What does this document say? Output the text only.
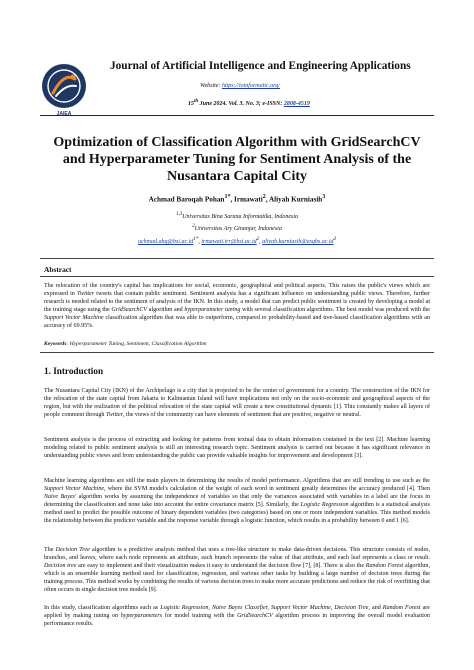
JAIEA
Journal of Artificial Intelligence and Engineering Applications
Website: https://ioinformatic.org/
15th June 2024. Vol. 3. No. 3; e-ISSN: 2808-4519
Optimization of Classification Algorithm with GridSearchCV
and Hyperparameter Tuning for Sentiment Analysis of the
Nusantara Capital City
Achmad Baroqah Pohan$^{1*}$, Irmawati$^2$, Aliyah Kurniasih$^3$
$^{1,3}$Universitas Bina Sarana Informatika, Indonesia
$^2$Universitas Ary Ginanjar, Indonesia
$achmad.abq@bsi.ac.id^{1*}$, $irmawati.irr@bsi.ac.id^2$, $aliyah.kurniasih@esqbs.ac.id^3$
Abstract
The relocation of the country's capital has implications for social, economic, geographical and political aspects. This raises the public's views which are expressed in Twitter tweets that contain public sentiment. Sentiment analysis has a significant influence on understanding public views. Therefore, further research is needed related to the sentiment of analysis of the IKN. In this study, a model that can predict public sentiment is created by developing a model at the training stage using the GridSearchCV algorithm and hyperparameter tuning with several classification algorithms. The best model was produced with the Support Vector Machine classification algorithm that was able to outperform, compared to probability-based and tree-based classification algorithms with an accuracy of 69.95%.
Keywords: Hyperparameter Tuning, Sentiment, Classification Algorithm
1. Introduction
The Nusantara Capital City (IKN) of the Archipelago is a city that is projected to be the center of government for a country. The construction of the IKN for the relocation of the state capital from Jakarta to Kalimantan Island will have implications not only on the socio-economic and geographical aspects of the region, but with the realization of the political relocation of the state capital will create a new constitutional dynamic [1]. This constantly makes all layers of people comment through Twitter, the views of the community can have elements of sentiment that are positive, negative or neutral.
Sentiment analysis is the process of extracting and looking for patterns from textual data to obtain information contained in the text [2]. Machine learning modeling related to public sentiment analysis is still an interesting research topic. Sentiment analysis is carried out because it has significant relevance in understanding public views and from understanding the public can provide valuable insights for improvement and development [3].
Machine learning algorithms are still the main players in determining the results of model performance. Algorithms that are still trending to use such as the Support Vector Machine, where the SVM model's calculation of the weight of each word in sentiment greatly determines the accuracy produced [4]. Then Naive Bayes' algorithm works by assuming the independence of variables so that only the variances associated with variables in a label are the focus in determining the classification and none take into account the entire covariance matrix [5]. Similarly, the Logistic Regression algorithm is a statistical analysis method used to predict the possible outcome of binary dependent variables (two categories) based on one or more independent variables. This method models the relationship between the predictor variable and the response variable through a logistic function, which results in a probability between 0 and 1 [6].
The Decision Tree algorithm is a predictive analysis method that uses a tree-like structure to make data-driven decisions. This structure consists of nodes, branches, and leaves, where each node represents an attribute, each branch represents the value of that attribute, and each leaf represents a class or result. Decision tree are easy to implement and their visualization makes it easy to understand the decision flow [7], [8]. There is also the Random Forest algorithm, which is an ensemble learning method used for classification, regression, and various other tasks by building a large number of decision trees during the training process. This method works by combining the results of various decision trees to make more accurate predictions and reduce the risk of overfitting that often occurs in single decision tree models [9].
In this study, classification algorithms such as Logistic Regression, Naive Bayes Classifier, Support Vector Machine, Decision Tree, and Random Forest are applied by making tuning on hyperparameters for model training with the GridSearchCV algorithm process in improving the overall model evaluation performance results.
